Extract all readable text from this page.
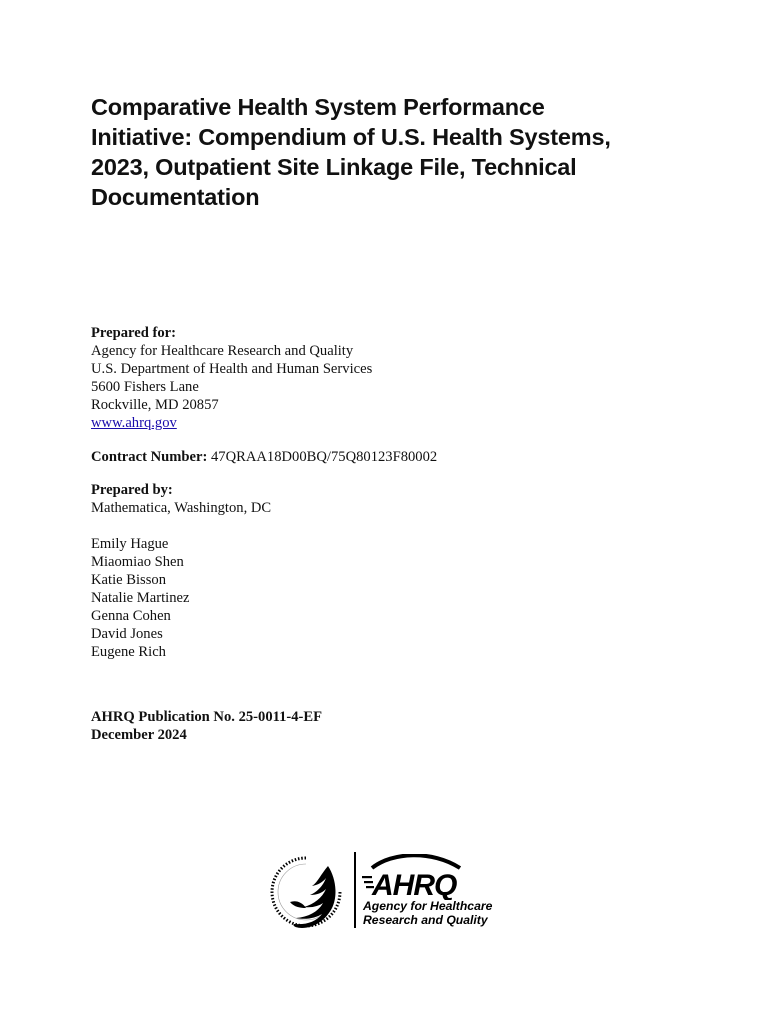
Comparative Health System Performance
Initiative: Compendium of U.S. Health Systems,
2023, Outpatient Site Linkage File, Technical
Documentation
Prepared for:
Agency for Healthcare Research and Quality
U.S. Department of Health and Human Services
5600 Fishers Lane
Rockville, MD 20857
www.ahrq.gov
Contract Number: 47QRAA18D00BQ/75Q80123F80002
Prepared by:
Mathematica, Washington, DC
Emily Hague
Miaomiao Shen
Katie Bisson
Natalie Martinez
Genna Cohen
David Jones
Eugene Rich
AHRQ Publication No. 25-0011-4-EF
December 2024
AHRQ
Agency for Healthcare
Research and Quality
